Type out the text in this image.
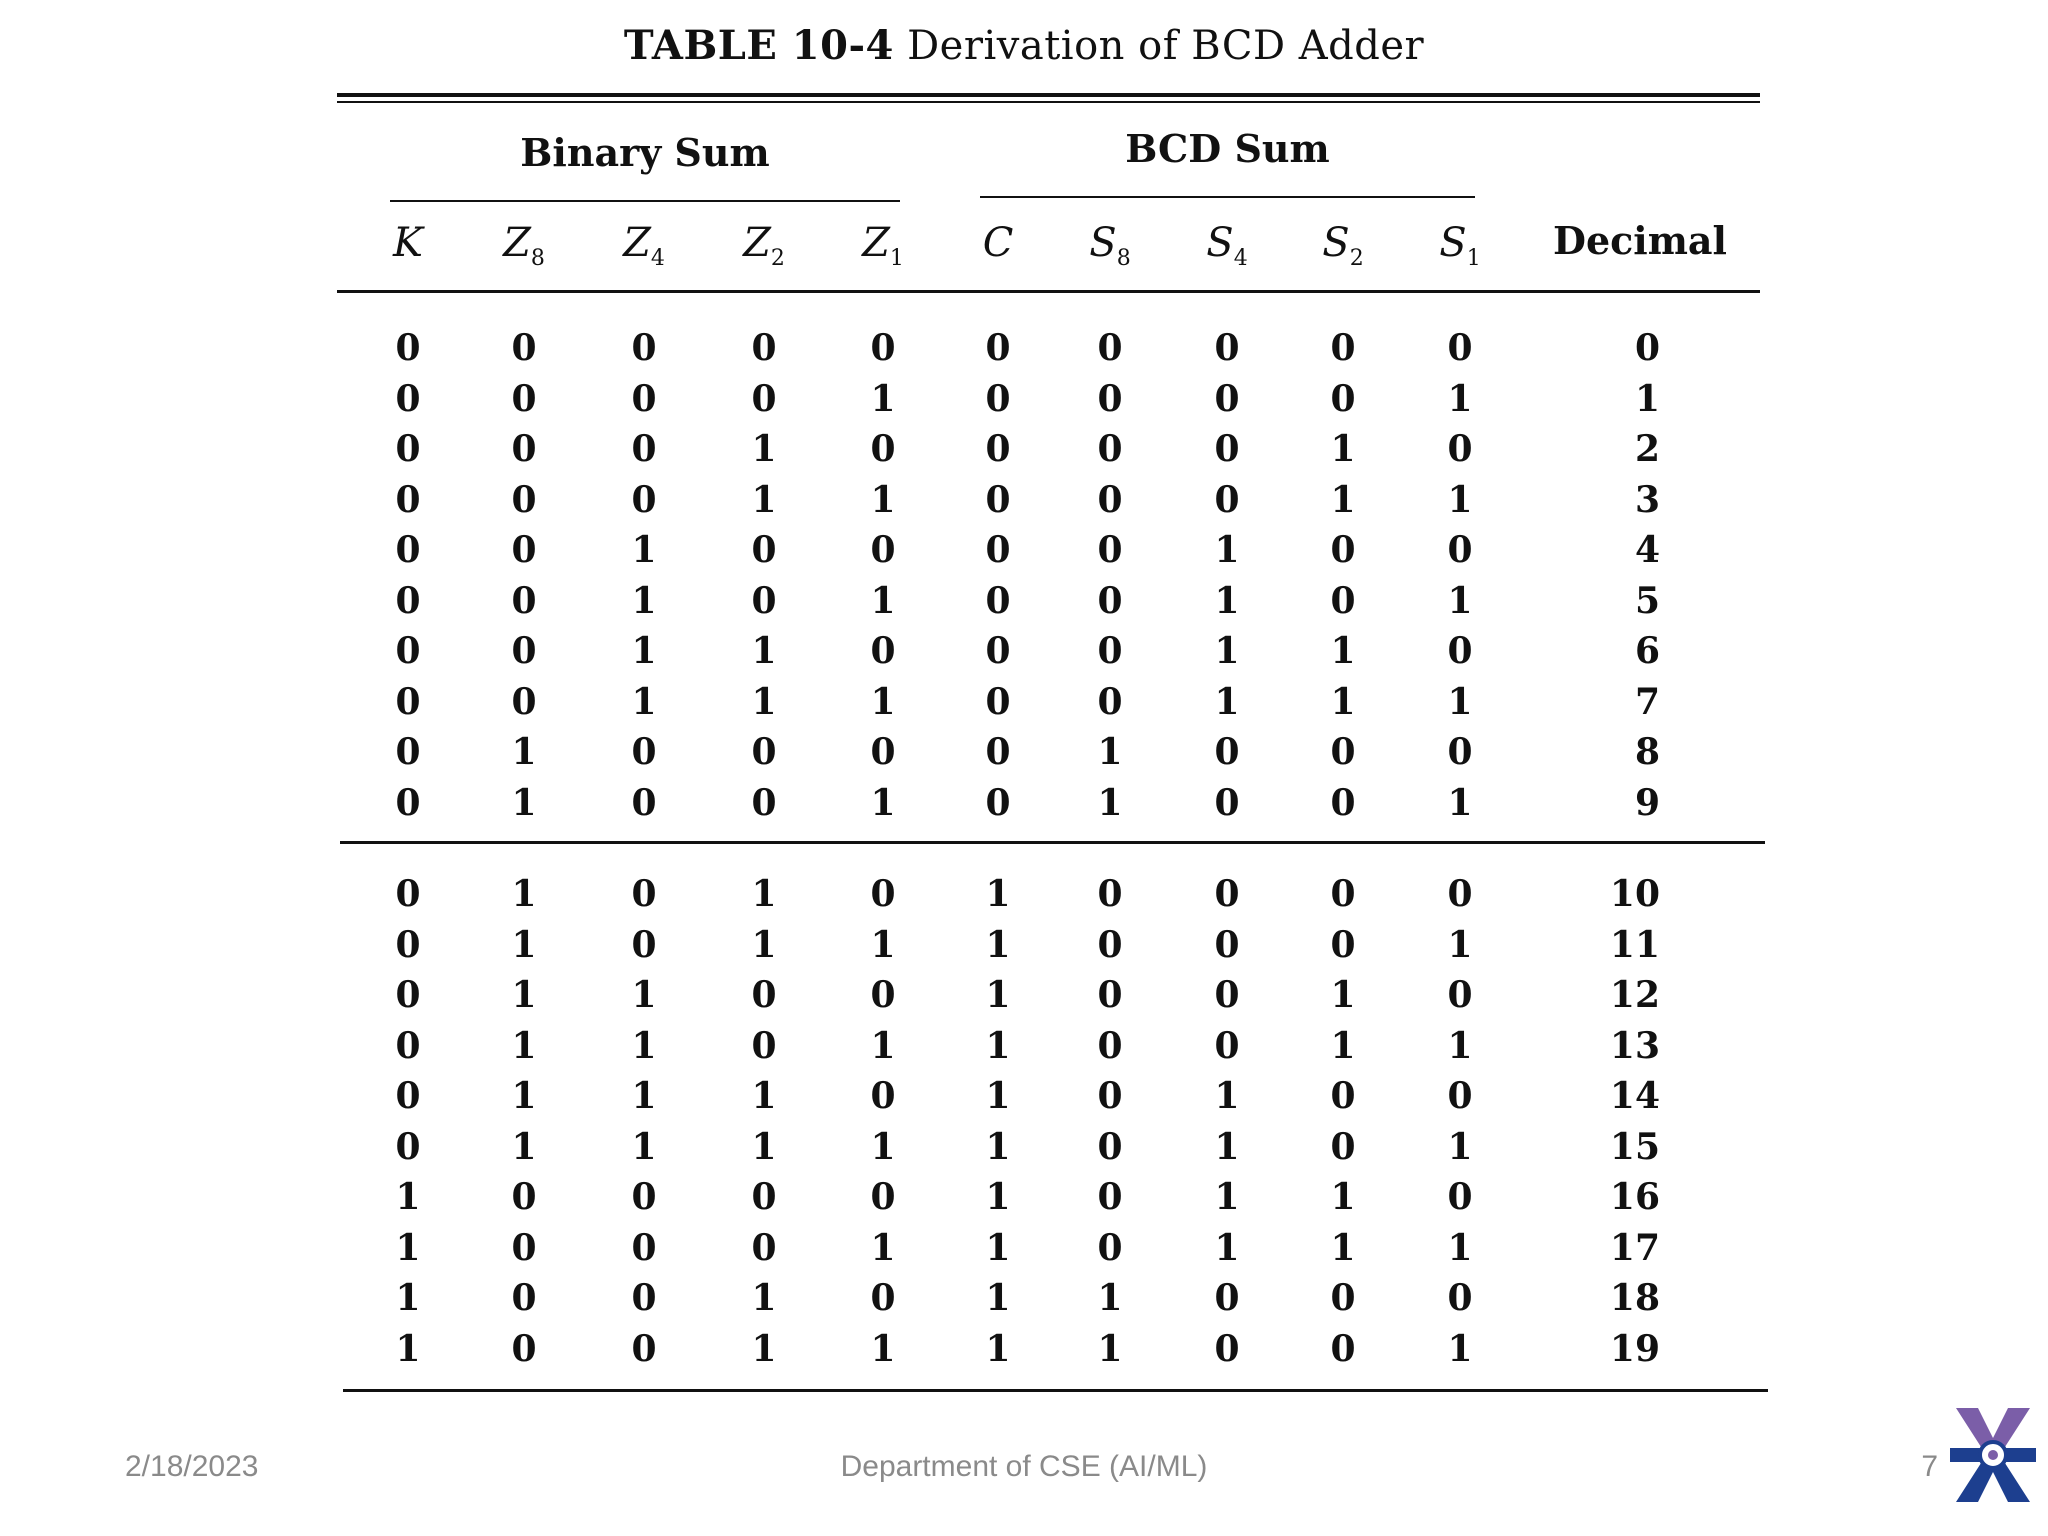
TABLE 10-4 Derivation of BCD Adder
Binary Sum	BCD Sum
K	$Z_8$	$Z_4$	$Z_2$	$Z_1$	C	$S_8$	$S_4$	$S_2$	$S_1$	Decimal
0	0	0	0	0	0	0	0	0	0	0
0	0	0	0	1	0	0	0	0	1	1
0	0	0	1	0	0	0	0	1	0	2
0	0	0	1	1	0	0	0	1	1	3
0	0	1	0	0	0	0	1	0	0	4
0	0	1	0	1	0	0	1	0	1	5
0	0	1	1	0	0	0	1	1	0	6
0	0	1	1	1	0	0	1	1	1	7
0	1	0	0	0	0	1	0	0	0	8
0	1	0	0	1	0	1	0	0	1	9
0	1	0	1	0	1	0	0	0	0	10
0	1	0	1	1	1	0	0	0	1	11
0	1	1	0	0	1	0	0	1	0	12
0	1	1	0	1	1	0	0	1	1	13
0	1	1	1	0	1	0	1	0	0	14
0	1	1	1	1	1	0	1	0	1	15
1	0	0	0	0	1	0	1	1	0	16
1	0	0	0	1	1	0	1	1	1	17
1	0	0	1	0	1	1	0	0	0	18
1	0	0	1	1	1	1	0	0	1	19
2/18/2023	Department of CSE (AI/ML)	7
